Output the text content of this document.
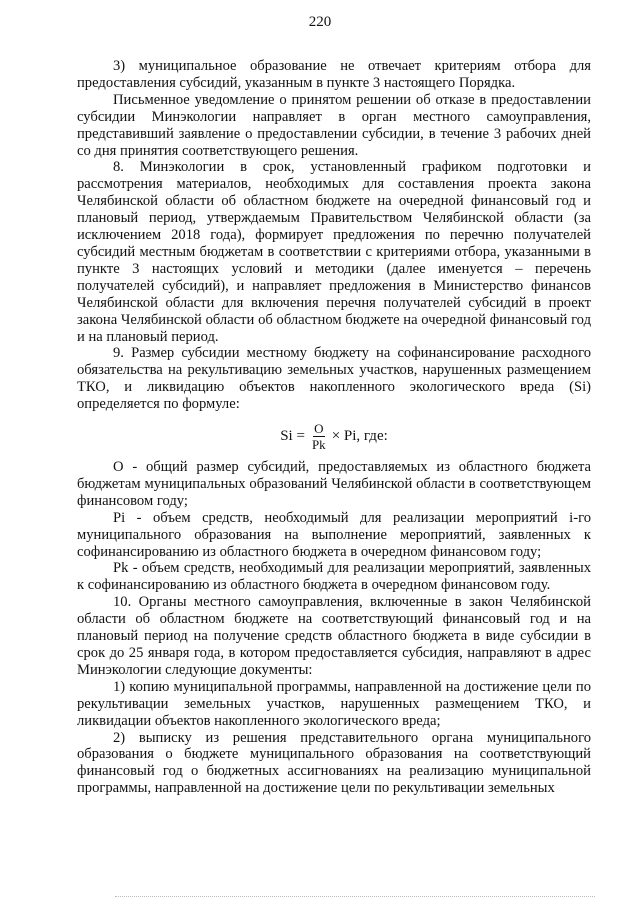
220

3) муниципальное образование не отвечает критериям отбора для предоставления субсидий, указанным в пункте 3 настоящего Порядка.

Письменное уведомление о принятом решении об отказе в предоставлении субсидии Минэкологии направляет в орган местного самоуправления, представивший заявление о предоставлении субсидии, в течение 3 рабочих дней со дня принятия соответствующего решения.

8. Минэкологии в срок, установленный графиком подготовки и рассмотрения материалов, необходимых для составления проекта закона Челябинской области об областном бюджете на очередной финансовый год и плановый период, утверждаемым Правительством Челябинской области (за исключением 2018 года), формирует предложения по перечню получателей субсидий местным бюджетам в соответствии с критериями отбора, указанными в пункте 3 настоящих условий и методики (далее именуется – перечень получателей субсидий), и направляет предложения в Министерство финансов Челябинской области для включения перечня получателей субсидий в проект закона Челябинской области об областном бюджете на очередной финансовый год и на плановый период.

9. Размер субсидии местному бюджету на софинансирование расходного обязательства на рекультивацию земельных участков, нарушенных размещением ТКО, и ликвидацию объектов накопленного экологического вреда (Si) определяется по формуле:

$Si = \frac{O}{Pk} \times Pi$, где:

O - общий размер субсидий, предоставляемых из областного бюджета бюджетам муниципальных образований Челябинской области в соответствующем финансовом году;

Pi - объем средств, необходимый для реализации мероприятий i-го муниципального образования на выполнение мероприятий, заявленных к софинансированию из областного бюджета в очередном финансовом году;

Pk - объем средств, необходимый для реализации мероприятий, заявленных к софинансированию из областного бюджета в очередном финансовом году.

10. Органы местного самоуправления, включенные в закон Челябинской области об областном бюджете на соответствующий финансовый год и на плановый период на получение средств областного бюджета в виде субсидии в срок до 25 января года, в котором предоставляется субсидия, направляют в адрес Минэкологии следующие документы:

1) копию муниципальной программы, направленной на достижение цели по рекультивации земельных участков, нарушенных размещением ТКО, и ликвидации объектов накопленного экологического вреда;

2) выписку из решения представительного органа муниципального образования о бюджете муниципального образования на соответствующий финансовый год о бюджетных ассигнованиях на реализацию муниципальной программы, направленной на достижение цели по рекультивации земельных
